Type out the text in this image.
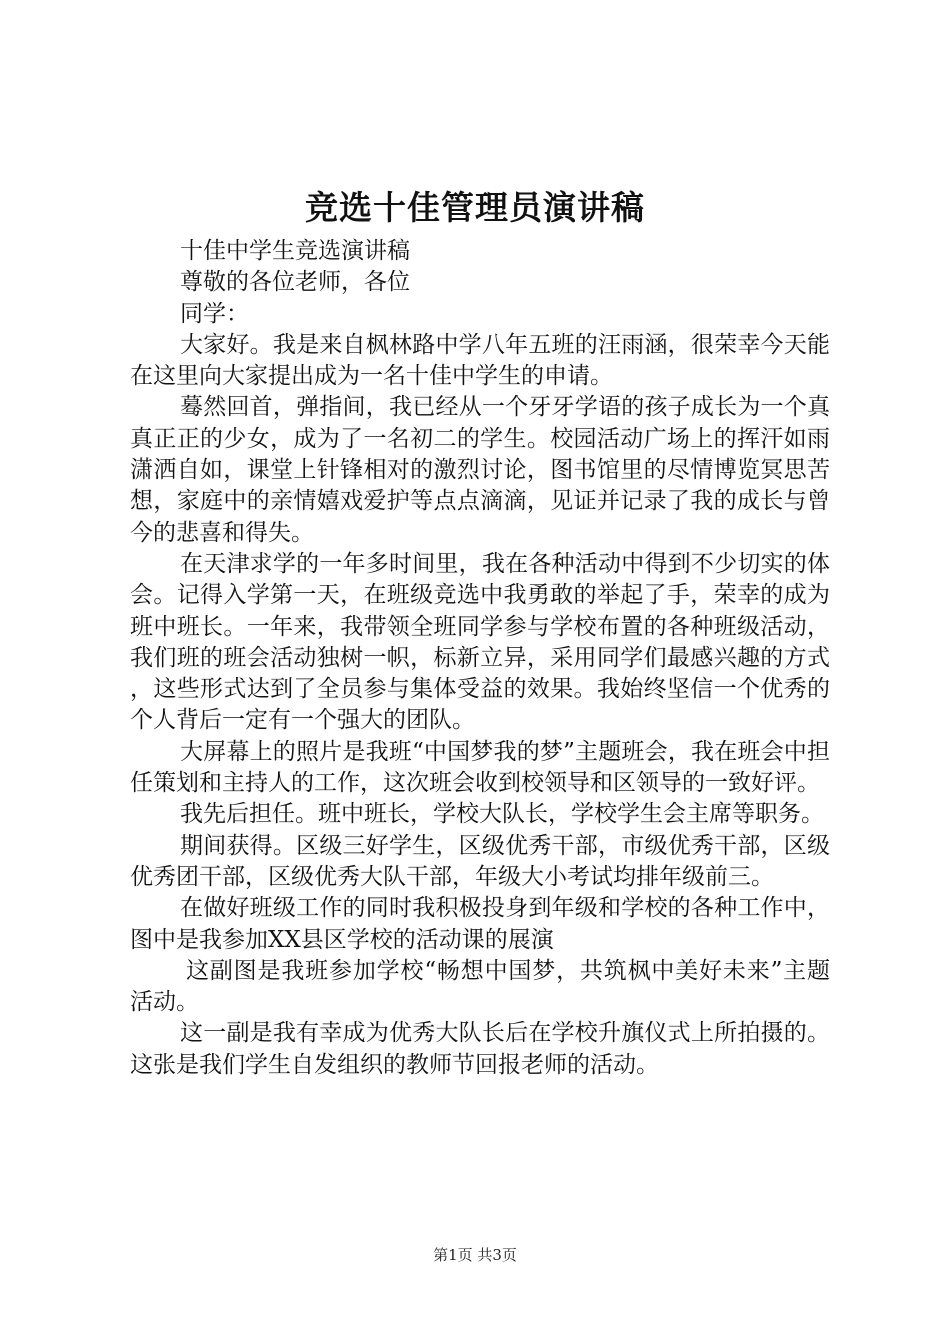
竞选十佳管理员演讲稿

十佳中学生竞选演讲稿

尊敬的各位老师，各位

同学：

大家好。我是来自枫林路中学八年五班的汪雨涵，很荣幸今天能在这里向大家提出成为一名十佳中学生的申请。

蓦然回首，弹指间，我已经从一个牙牙学语的孩子成长为一个真真正正的少女，成为了一名初二的学生。校园活动广场上的挥汗如雨潇洒自如，课堂上针锋相对的激烈讨论，图书馆里的尽情博览冥思苦想，家庭中的亲情嬉戏爱护等点点滴滴，见证并记录了我的成长与曾今的悲喜和得失。

在天津求学的一年多时间里，我在各种活动中得到不少切实的体会。记得入学第一天，在班级竞选中我勇敢的举起了手，荣幸的成为班中班长。一年来，我带领全班同学参与学校布置的各种班级活动，我们班的班会活动独树一帜，标新立异，采用同学们最感兴趣的方式，这些形式达到了全员参与集体受益的效果。我始终坚信一个优秀的个人背后一定有一个强大的团队。

大屏幕上的照片是我班“中国梦我的梦”主题班会，我在班会中担任策划和主持人的工作，这次班会收到校领导和区领导的一致好评。

我先后担任。班中班长，学校大队长，学校学生会主席等职务。

期间获得。区级三好学生，区级优秀干部，市级优秀干部，区级优秀团干部，区级优秀大队干部，年级大小考试均排年级前三。

在做好班级工作的同时我积极投身到年级和学校的各种工作中，图中是我参加XX县区学校的活动课的展演

这副图是我班参加学校“畅想中国梦，共筑枫中美好未来”主题活动。

这一副是我有幸成为优秀大队长后在学校升旗仪式上所拍摄的。这张是我们学生自发组织的教师节回报老师的活动。

第1页 共3页
